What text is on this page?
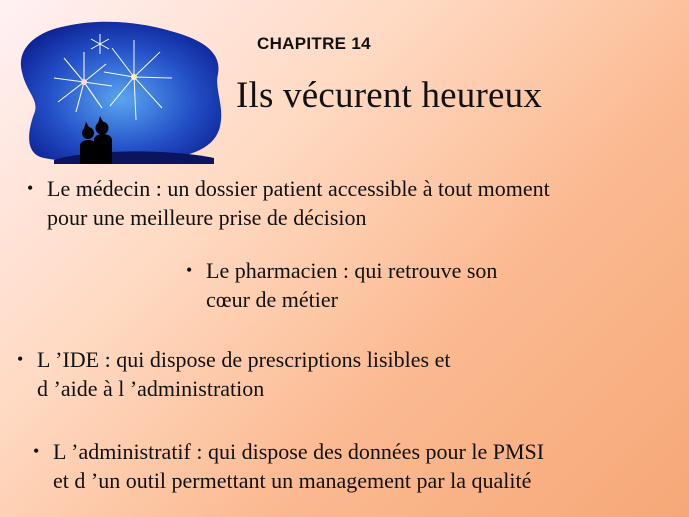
CHAPITRE 14
Ils vécurent heureux
• Le médecin : un dossier patient accessible à tout moment
pour une meilleure prise de décision
• Le pharmacien : qui retrouve son
cœur de métier
• L ’IDE : qui dispose de prescriptions lisibles et
d ’aide à l ’administration
• L ’administratif : qui dispose des données pour le PMSI
et d ’un outil permettant un management par la qualité
